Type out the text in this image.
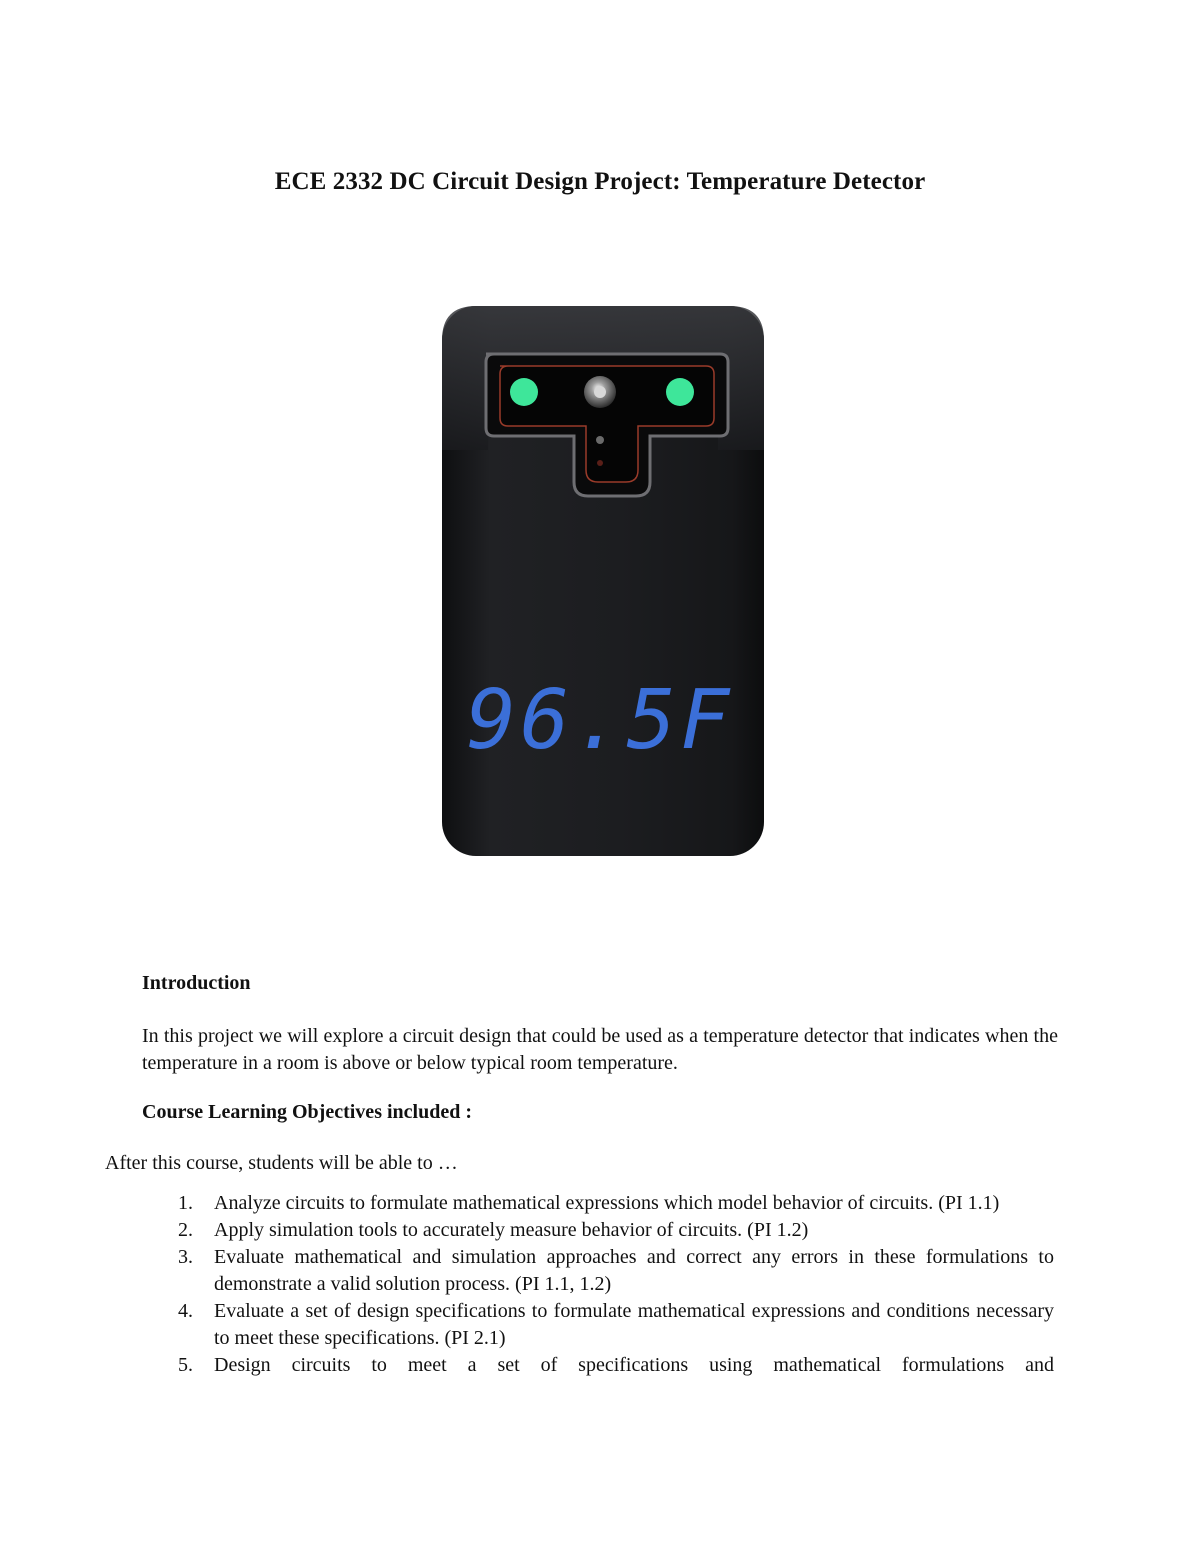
ECE 2332 DC Circuit Design Project: Temperature Detector
96.5F
Introduction
In this project we will explore a circuit design that could be used as a temperature detector that indicates when the temperature in a room is above or below typical room temperature.
Course Learning Objectives included :
After this course, students will be able to …
1. Analyze circuits to formulate mathematical expressions which model behavior of circuits. (PI 1.1)
2. Apply simulation tools to accurately measure behavior of circuits. (PI 1.2)
3. Evaluate mathematical and simulation approaches and correct any errors in these formulations to demonstrate a valid solution process. (PI 1.1, 1.2)
4. Evaluate a set of design specifications to formulate mathematical expressions and conditions necessary to meet these specifications. (PI 2.1)
5. Design circuits to meet a set of specifications using mathematical formulations and
